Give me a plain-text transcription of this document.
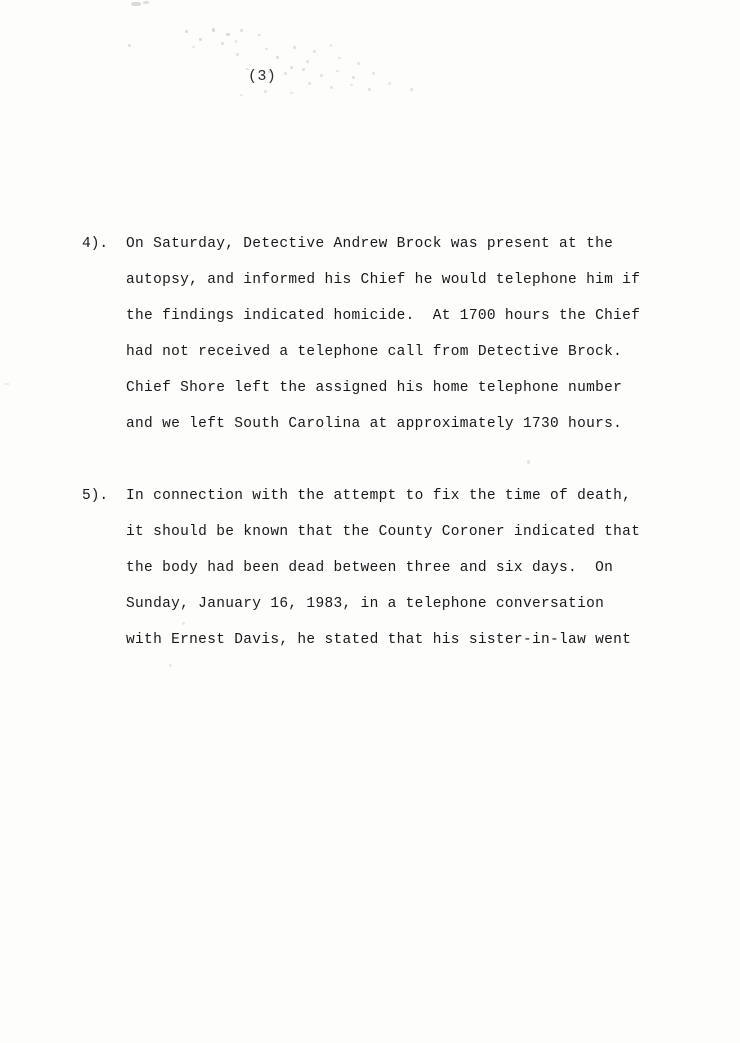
(3)
4).	On Saturday, Detective Andrew Brock was present at the
autopsy, and informed his Chief he would telephone him if
the findings indicated homicide.  At 1700 hours the Chief
had not received a telephone call from Detective Brock.
Chief Shore left the assigned his home telephone number
and we left South Carolina at approximately 1730 hours.
5).	In connection with the attempt to fix the time of death,
it should be known that the County Coroner indicated that
the body had been dead between three and six days.  On
Sunday, January 16, 1983, in a telephone conversation
with Ernest Davis, he stated that his sister-in-law went
